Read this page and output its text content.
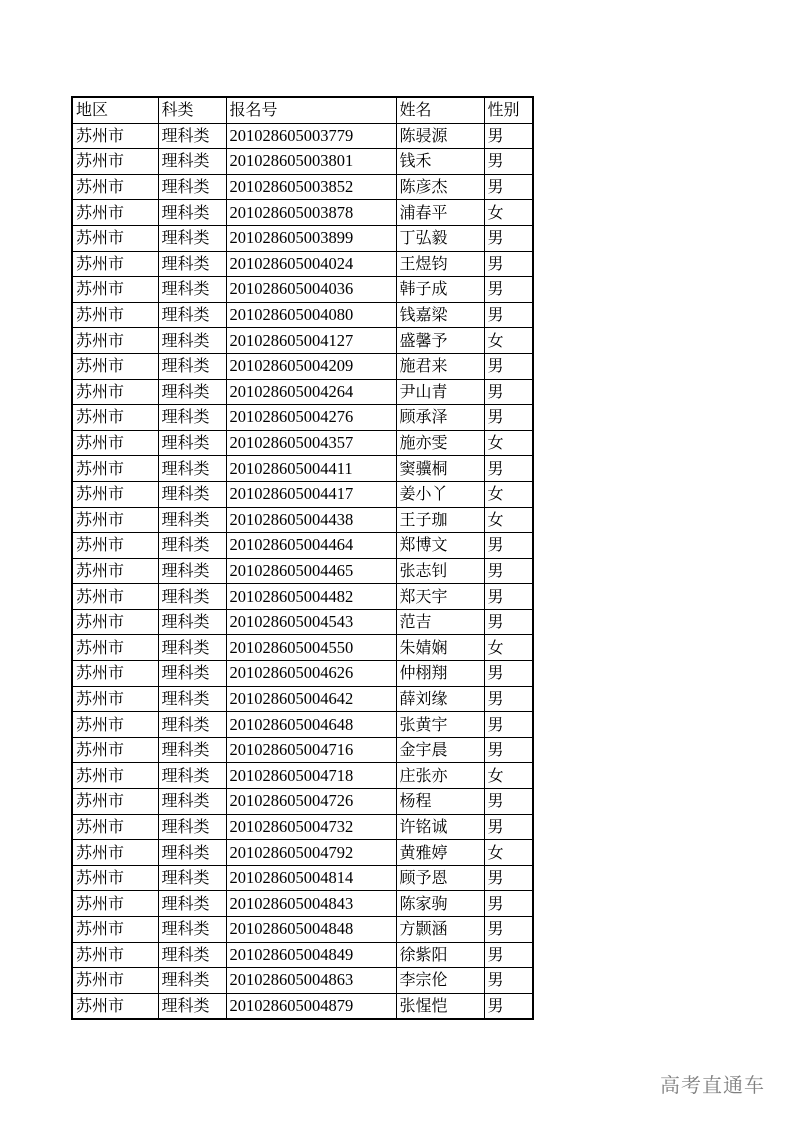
地区	科类	报名号	姓名	性别
苏州市	理科类	201028605003779	陈骎源	男
苏州市	理科类	201028605003801	钱禾	男
苏州市	理科类	201028605003852	陈彦杰	男
苏州市	理科类	201028605003878	浦春平	女
苏州市	理科类	201028605003899	丁弘毅	男
苏州市	理科类	201028605004024	王煜钧	男
苏州市	理科类	201028605004036	韩子成	男
苏州市	理科类	201028605004080	钱嘉梁	男
苏州市	理科类	201028605004127	盛馨予	女
苏州市	理科类	201028605004209	施君来	男
苏州市	理科类	201028605004264	尹山青	男
苏州市	理科类	201028605004276	顾承泽	男
苏州市	理科类	201028605004357	施亦雯	女
苏州市	理科类	201028605004411	窦骥桐	男
苏州市	理科类	201028605004417	姜小丫	女
苏州市	理科类	201028605004438	王子珈	女
苏州市	理科类	201028605004464	郑博文	男
苏州市	理科类	201028605004465	张志钊	男
苏州市	理科类	201028605004482	郑天宇	男
苏州市	理科类	201028605004543	范吉	男
苏州市	理科类	201028605004550	朱婧娴	女
苏州市	理科类	201028605004626	仲栩翔	男
苏州市	理科类	201028605004642	薛刘缘	男
苏州市	理科类	201028605004648	张黄宇	男
苏州市	理科类	201028605004716	金宇晨	男
苏州市	理科类	201028605004718	庄张亦	女
苏州市	理科类	201028605004726	杨程	男
苏州市	理科类	201028605004732	许铭诚	男
苏州市	理科类	201028605004792	黄雅婷	女
苏州市	理科类	201028605004814	顾予恩	男
苏州市	理科类	201028605004843	陈家驹	男
苏州市	理科类	201028605004848	方颢涵	男
苏州市	理科类	201028605004849	徐紫阳	男
苏州市	理科类	201028605004863	李宗伦	男
苏州市	理科类	201028605004879	张惺恺	男
高考直通车
